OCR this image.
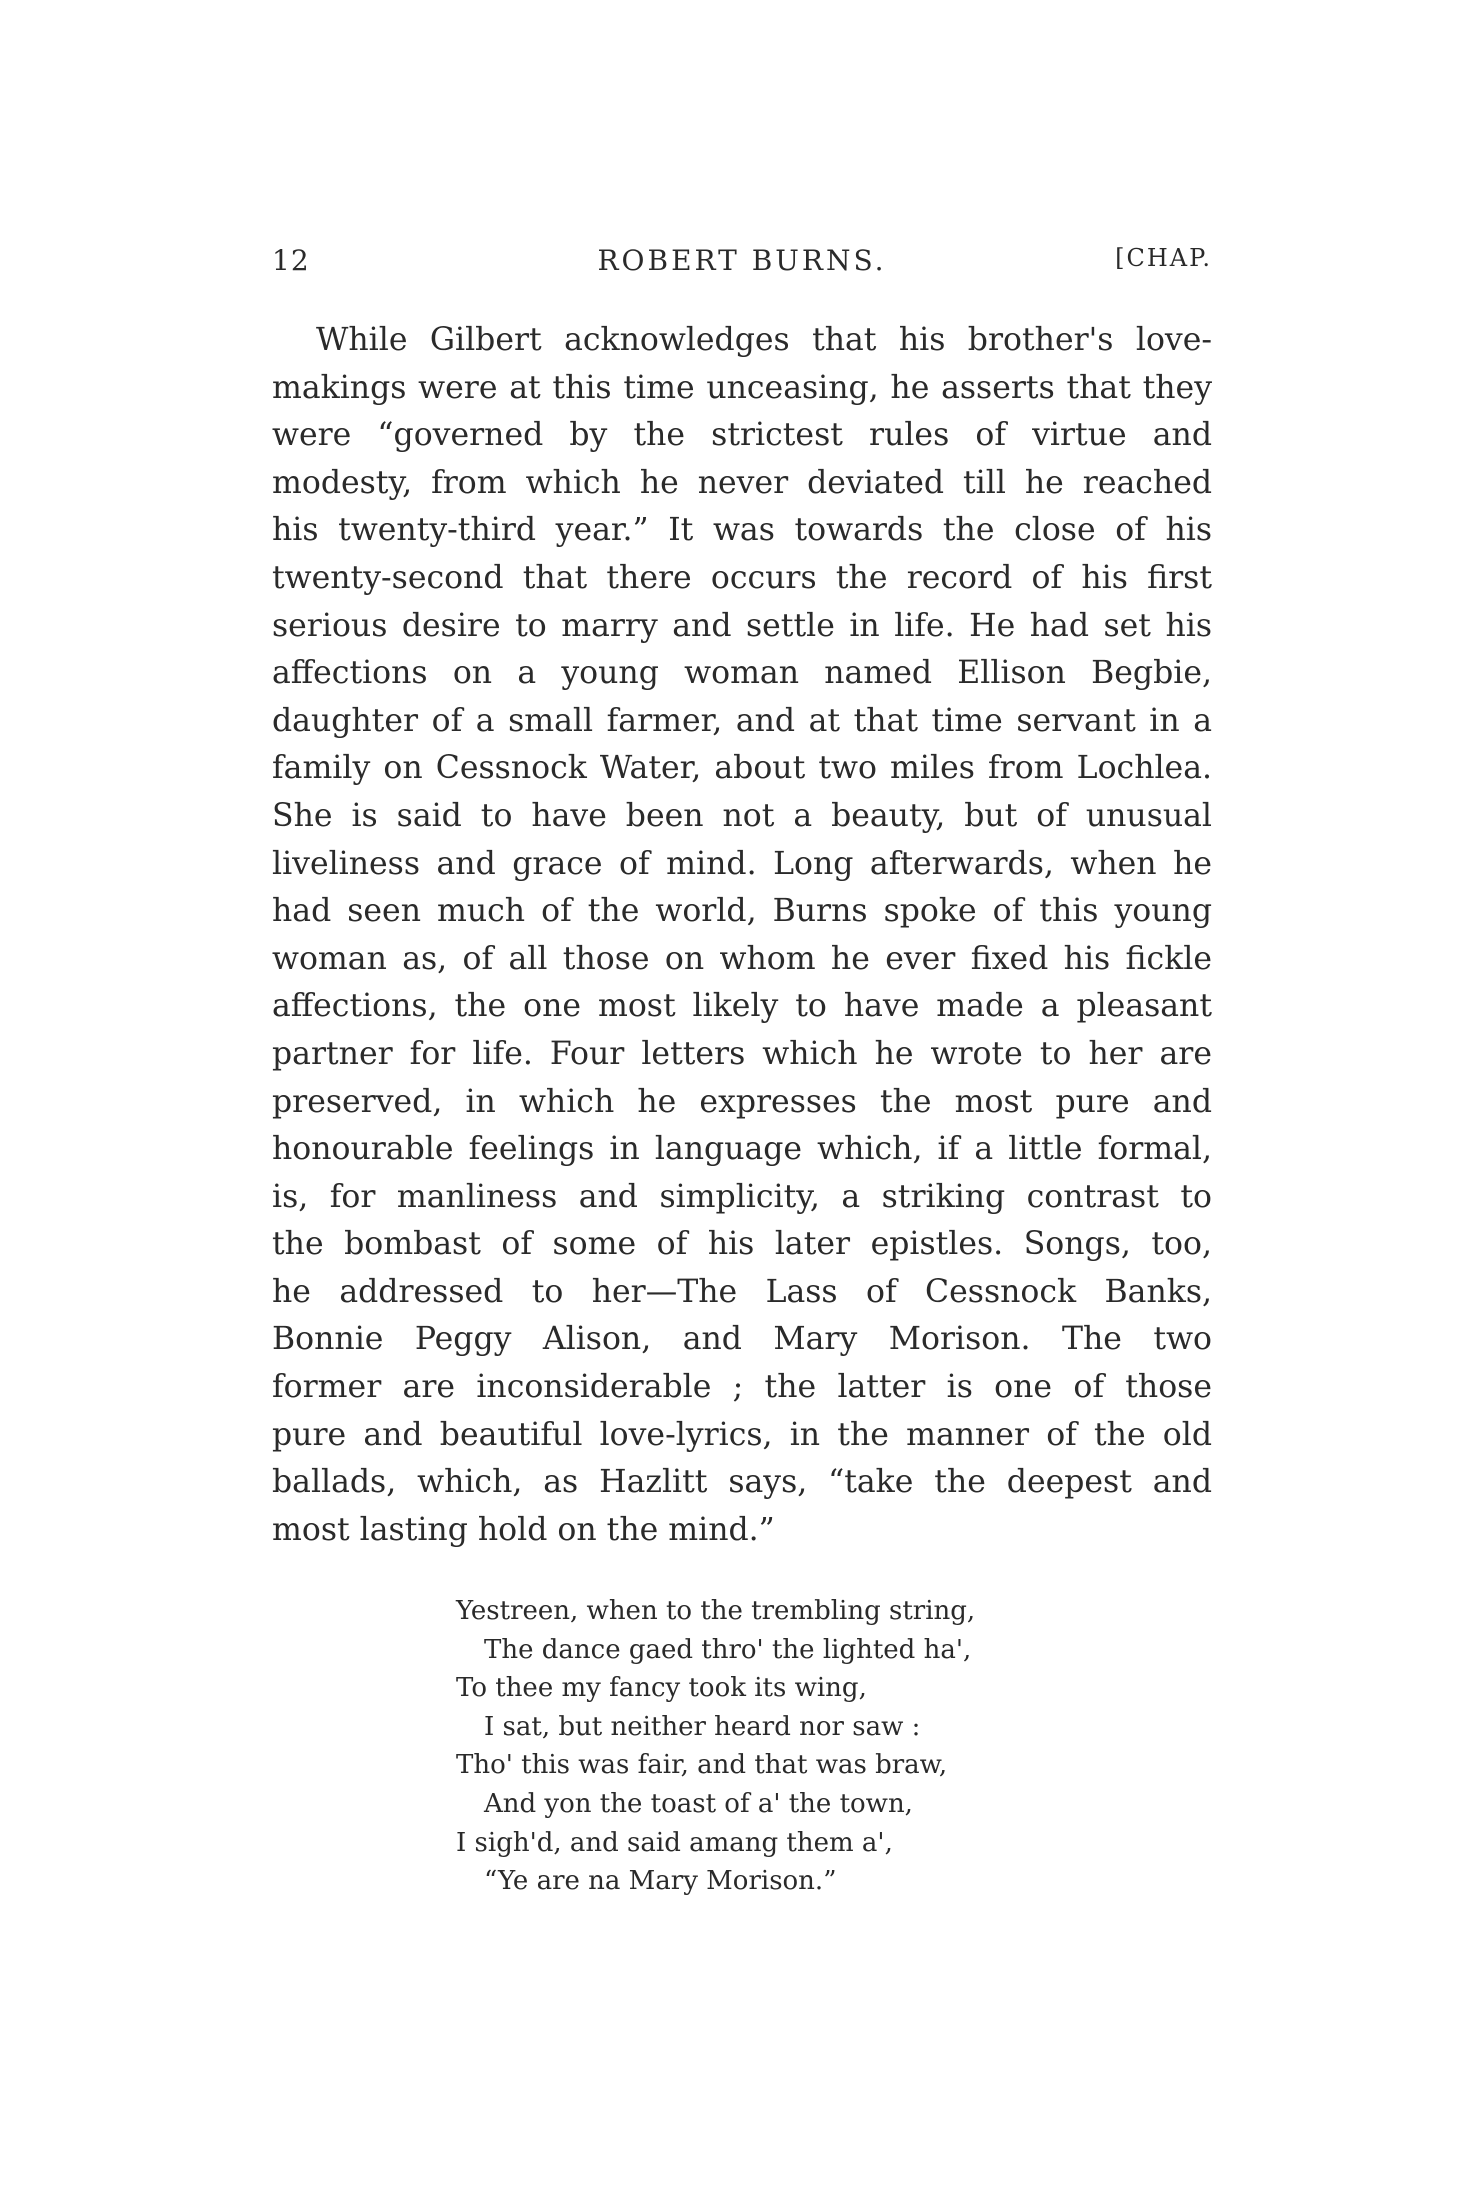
12	ROBERT BURNS.	[CHAP.
While Gilbert acknowledges that his brother's love-
makings were at this time unceasing, he asserts that they
were “governed by the strictest rules of virtue and
modesty, from which he never deviated till he reached
his twenty-third year.” It was towards the close of his
twenty-second that there occurs the record of his first
serious desire to marry and settle in life. He had set his
affections on a young woman named Ellison Begbie,
daughter of a small farmer, and at that time servant in a
family on Cessnock Water, about two miles from Lochlea.
She is said to have been not a beauty, but of unusual
liveliness and grace of mind. Long afterwards, when he
had seen much of the world, Burns spoke of this young
woman as, of all those on whom he ever fixed his fickle
affections, the one most likely to have made a pleasant
partner for life. Four letters which he wrote to her are
preserved, in which he expresses the most pure and
honourable feelings in language which, if a little formal,
is, for manliness and simplicity, a striking contrast to
the bombast of some of his later epistles. Songs, too,
he addressed to her—The Lass of Cessnock Banks,
Bonnie Peggy Alison, and Mary Morison. The two
former are inconsiderable ; the latter is one of those
pure and beautiful love-lyrics, in the manner of the old
ballads, which, as Hazlitt says, “take the deepest and
most lasting hold on the mind.”
Yestreen, when to the trembling string,
The dance gaed thro' the lighted ha',
To thee my fancy took its wing,
I sat, but neither heard nor saw :
Tho' this was fair, and that was braw,
And yon the toast of a' the town,
I sigh'd, and said amang them a',
“Ye are na Mary Morison.”
